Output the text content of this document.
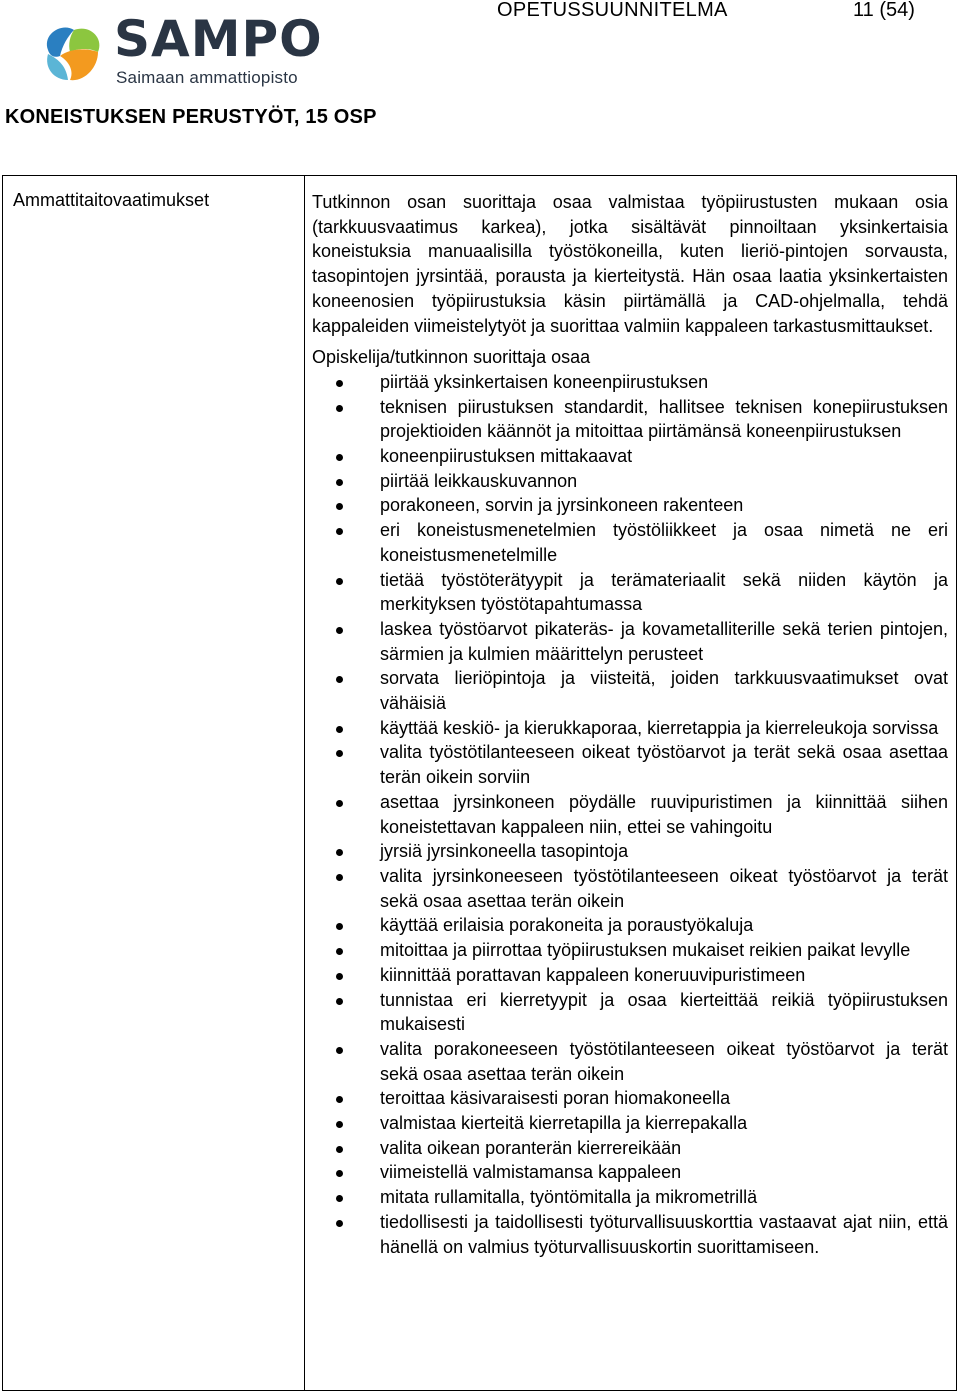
SAMPO
Saimaan ammattiopisto
OPETUSSUUNNITELMA	11 (54)
KONEISTUKSEN PERUSTYÖT, 15 OSP
Ammattitaitovaatimukset	Tutkinnon osan suorittaja osaa valmistaa työpiirustusten mukaan osia (tarkkuusvaatimus karkea), jotka sisältävät pinnoiltaan yksinkertaisia koneistuksia manuaalisilla työstökoneilla, kuten lieriö-pintojen sorvausta, tasopintojen jyrsintää, porausta ja kierteitystä. Hän osaa laatia yksinkertaisten koneenosien työpiirustuksia käsin piirtämällä ja CAD-ohjelmalla, tehdä kappaleiden viimeistelytyöt ja suorittaa valmiin kappaleen tarkastusmittaukset.

Opiskelija/tutkinnon suorittaja osaa
piirtää yksinkertaisen koneenpiirustuksen
teknisen piirustuksen standardit, hallitsee teknisen konepiirustuksen projektioiden käännöt ja mitoittaa piirtämänsä koneenpiirustuksen
koneenpiirustuksen mittakaavat
piirtää leikkauskuvannon
porakoneen, sorvin ja jyrsinkoneen rakenteen
eri koneistusmenetelmien työstöliikkeet ja osaa nimetä ne eri koneistusmenetelmille
tietää työstöterätyypit ja terämateriaalit sekä niiden käytön ja merkityksen työstötapahtumassa
laskea työstöarvot pikateräs- ja kovametalliterille sekä terien pintojen, särmien ja kulmien määrittelyn perusteet
sorvata lieriöpintoja ja viisteitä, joiden tarkkuusvaatimukset ovat vähäisiä
käyttää keskiö- ja kierukkaporaa, kierretappia ja kierreleukoja sorvissa
valita työstötilanteeseen oikeat työstöarvot ja terät sekä osaa asettaa terän oikein sorviin
asettaa jyrsinkoneen pöydälle ruuvipuristimen ja kiinnittää siihen koneistettavan kappaleen niin, ettei se vahingoitu
jyrsiä jyrsinkoneella tasopintoja
valita jyrsinkoneeseen työstötilanteeseen oikeat työstöarvot ja terät sekä osaa asettaa terän oikein
käyttää erilaisia porakoneita ja poraustyökaluja
mitoittaa ja piirrottaa työpiirustuksen mukaiset reikien paikat levylle
kiinnittää porattavan kappaleen koneruuvipuristimeen
tunnistaa eri kierretyypit ja osaa kierteittää reikiä työpiirustuksen mukaisesti
valita porakoneeseen työstötilanteeseen oikeat työstöarvot ja terät sekä osaa asettaa terän oikein
teroittaa käsivaraisesti poran hiomakoneella
valmistaa kierteitä kierretapilla ja kierrepakalla
valita oikean poranterän kierrereikään
viimeistellä valmistamansa kappaleen
mitata rullamitalla, työntömitalla ja mikrometrillä
tiedollisesti ja taidollisesti työturvallisuuskorttia vastaavat ajat niin, että hänellä on valmius työturvallisuuskortin suorittamiseen.
